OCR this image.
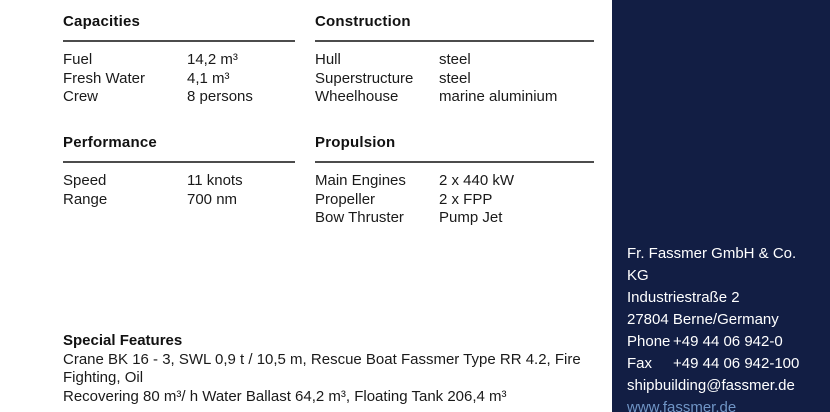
Capacities
Fuel	14,2 m³
Fresh Water	4,1 m³
Crew	8 persons
Construction
Hull	steel
Superstructure	steel
Wheelhouse	marine aluminium
Performance
Speed	11 knots
Range	700 nm
Propulsion
Main Engines	2 x 440 kW
Propeller	2 x FPP
Bow Thruster	Pump Jet
Special Features
Crane BK 16 - 3, SWL 0,9 t / 10,5 m, Rescue Boat Fassmer Type RR 4.2, Fire Fighting, Oil
Recovering 80 m³/ h Water Ballast 64,2 m³, Floating Tank 206,4 m³
Fr. Fassmer GmbH & Co. KG
Industriestraße 2
27804 Berne/Germany
Phone +49 44 06 942-0
Fax	+49 44 06 942-100
shipbuilding@fassmer.de
www.fassmer.de
